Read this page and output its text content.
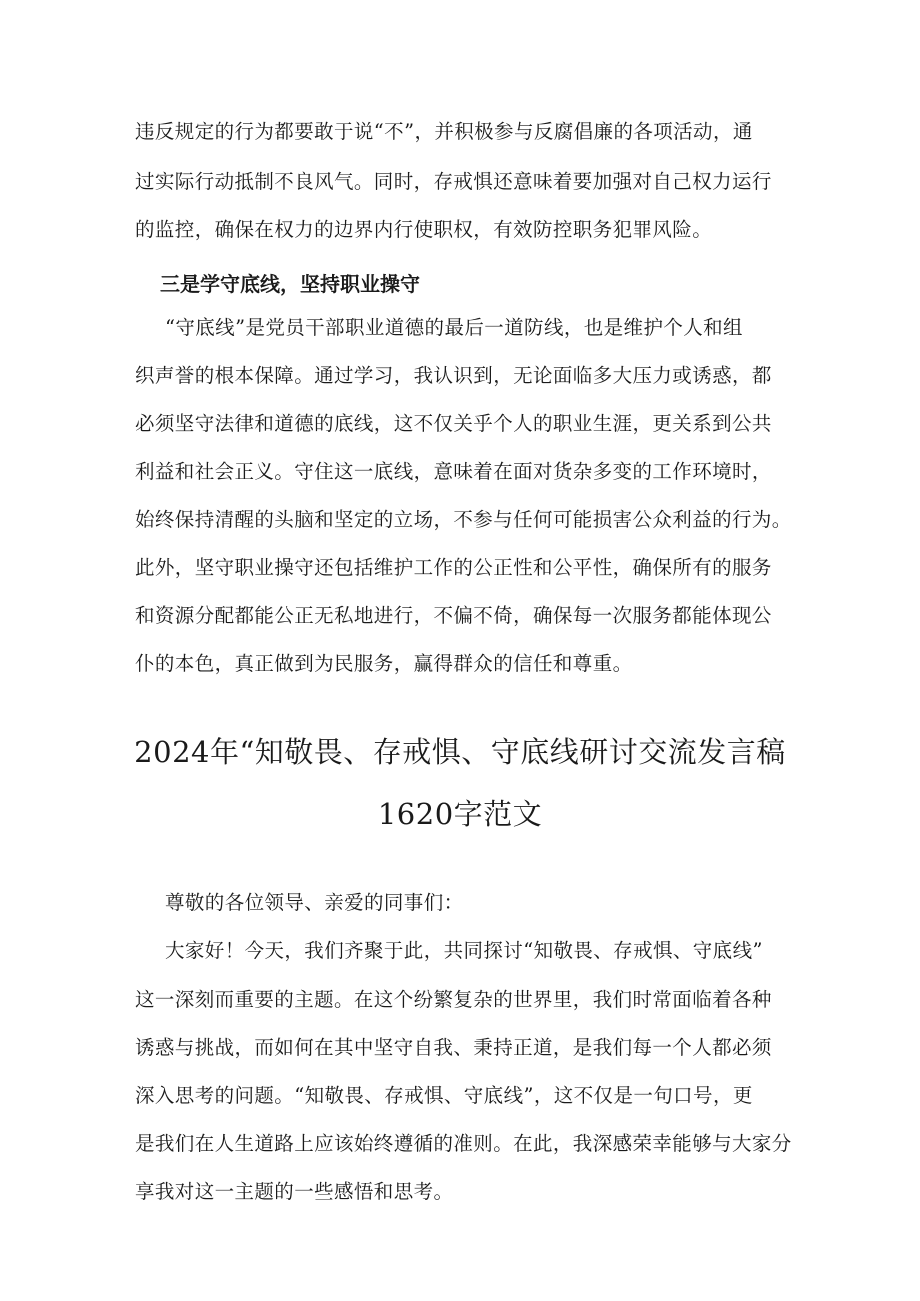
违反规定的行为都要敢于说“不”，并积极参与反腐倡廉的各项活动，通
过实际行动抵制不良风气。同时，存戒惧还意味着要加强对自己权力运行
的监控，确保在权力的边界内行使职权，有效防控职务犯罪风险。
三是学守底线，坚持职业操守
“守底线”是党员干部职业道德的最后一道防线，也是维护个人和组
织声誉的根本保障。通过学习，我认识到，无论面临多大压力或诱惑，都
必须坚守法律和道德的底线，这不仅关乎个人的职业生涯，更关系到公共
利益和社会正义。守住这一底线，意味着在面对货杂多变的工作环境时，
始终保持清醒的头脑和坚定的立场，不参与任何可能损害公众利益的行为。
此外，坚守职业操守还包括维护工作的公正性和公平性，确保所有的服务
和资源分配都能公正无私地进行，不偏不倚，确保每一次服务都能体现公
仆的本色，真正做到为民服务，赢得群众的信任和尊重。
2024年“知敬畏、存戒惧、守底线研讨交流发言稿
1620字范文
尊敬的各位领导、亲爱的同事们：
大家好！今天，我们齐聚于此，共同探讨“知敬畏、存戒惧、守底线”
这一深刻而重要的主题。在这个纷繁复杂的世界里，我们时常面临着各种
诱惑与挑战，而如何在其中坚守自我、秉持正道，是我们每一个人都必须
深入思考的问题。“知敬畏、存戒惧、守底线”，这不仅是一句口号，更
是我们在人生道路上应该始终遵循的准则。在此，我深感荣幸能够与大家分
享我对这一主题的一些感悟和思考。
